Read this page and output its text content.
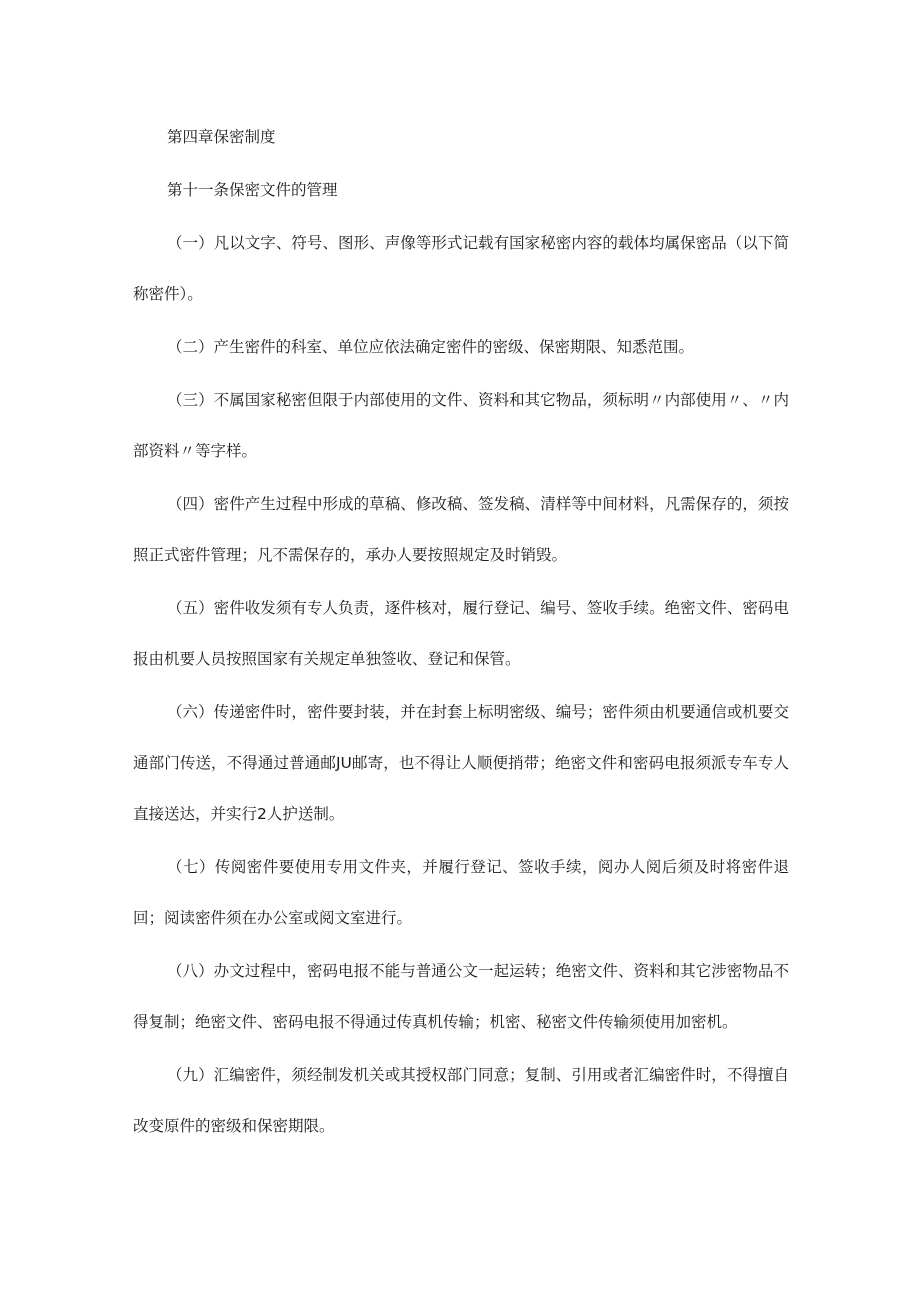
第四章保密制度
第十一条保密文件的管理
（一）凡以文字、符号、图形、声像等形式记载有国家秘密内容的载体均属保密品（以下简称密件）。
（二）产生密件的科室、单位应依法确定密件的密级、保密期限、知悉范围。
（三）不属国家秘密但限于内部使用的文件、资料和其它物品，须标明〃内部使用〃、〃内部资料〃等字样。
（四）密件产生过程中形成的草稿、修改稿、签发稿、清样等中间材料，凡需保存的，须按照正式密件管理；凡不需保存的，承办人要按照规定及时销毁。
（五）密件收发须有专人负责，逐件核对，履行登记、编号、签收手续。绝密文件、密码电报由机要人员按照国家有关规定单独签收、登记和保管。
（六）传递密件时，密件要封装，并在封套上标明密级、编号；密件须由机要通信或机要交通部门传送，不得通过普通邮JU邮寄，也不得让人顺便捎带；绝密文件和密码电报须派专车专人直接送达，并实行2人护送制。
（七）传阅密件要使用专用文件夹，并履行登记、签收手续，阅办人阅后须及时将密件退回；阅读密件须在办公室或阅文室进行。
（八）办文过程中，密码电报不能与普通公文一起运转；绝密文件、资料和其它涉密物品不得复制；绝密文件、密码电报不得通过传真机传输；机密、秘密文件传输须使用加密机。
（九）汇编密件，须经制发机关或其授权部门同意；复制、引用或者汇编密件时，不得擅自改变原件的密级和保密期限。
